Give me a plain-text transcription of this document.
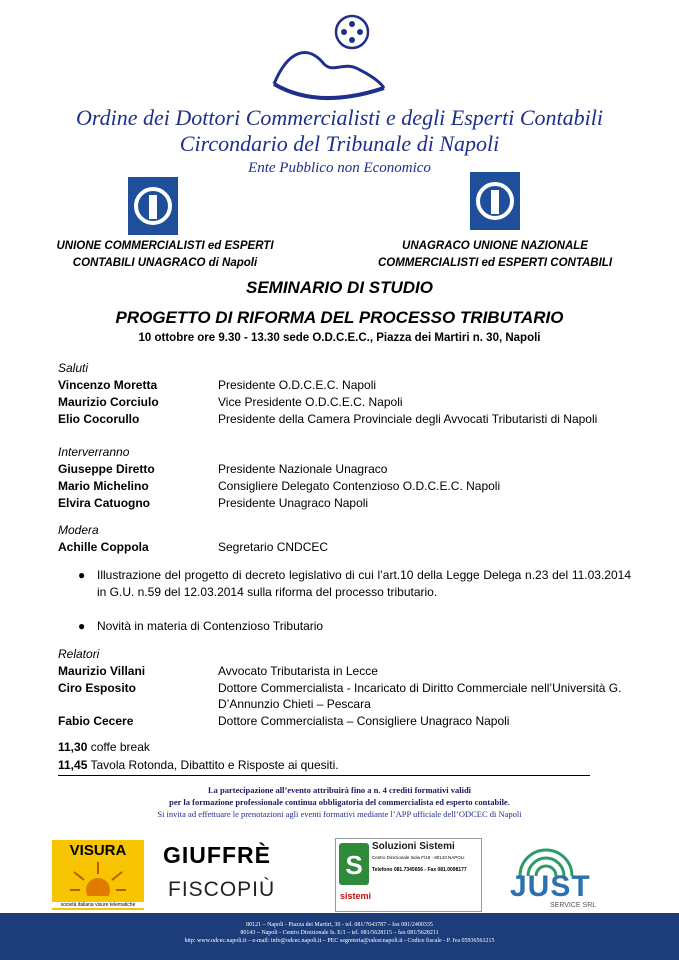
Ordine dei Dottori Commercialisti e degli Esperti Contabili
Circondario del Tribunale di Napoli
Ente Pubblico non Economico
UNIONE COMMERCIALISTI ed ESPERTI
CONTABILI UNAGRACO di Napoli
UNAGRACO UNIONE NAZIONALE
COMMERCIALISTI ed ESPERTI CONTABILI
SEMINARIO DI STUDIO
PROGETTO DI RIFORMA DEL PROCESSO TRIBUTARIO
10 ottobre ore 9.30 - 13.30 sede O.D.C.E.C., Piazza dei Martiri n. 30, Napoli
Saluti
Vincenzo Moretta	Presidente O.D.C.E.C. Napoli
Maurizio Corciulo	Vice Presidente O.D.C.E.C. Napoli
Elio Cocorullo	Presidente della Camera Provinciale degli Avvocati Tributaristi di Napoli
Interverranno
Giuseppe Diretto	Presidente Nazionale Unagraco
Mario Michelino	Consigliere Delegato Contenzioso O.D.C.E.C. Napoli
Elvira Catuogno	Presidente Unagraco Napoli
Modera
Achille Coppola	Segretario CNDCEC
● Illustrazione del progetto di decreto legislativo di cui l’art.10 della Legge Delega n.23 del 11.03.2014 in G.U. n.59 del 12.03.2014 sulla riforma del processo tributario.
● Novità in materia di Contenzioso Tributario
Relatori
Maurizio Villani	Avvocato Tributarista in Lecce
Ciro Esposito	Dottore Commercialista - Incaricato di Diritto Commerciale nell’Università G.
D’Annunzio Chieti – Pescara
Fabio Cecere	Dottore Commercialista – Consigliere Unagraco Napoli
11,30 coffe break
11,45 Tavola Rotonda, Dibattito e Risposte ai quesiti.
La partecipazione all’evento attribuirà fino a n. 4 crediti formativi validi
per la formazione professionale continua obbligatoria del commercialista ed esperto contabile.
Si invita ad effettuare le prenotazioni agli eventi formativi mediante l’APP ufficiale dell’ODCEC di Napoli
VISURA
società italiana visure telematiche
GIUFFRÈ
FISCOPIÙ
S
Soluzioni Sistemi
Centro Direzionale Isola F/19 - 80143 NAPOLI
Telefono 081.7345656 - Fax 081.0098177
sistemi	JUST
SERVICE SRL
80121 – Napoli - Piazza dei Martiri, 30 - tel. 081/7643787 – fax 081/2400335
80143 – Napoli - Centro Direzionale Is. E/1 – tel. 081/5628115 – fax 081/5628211
http: www.odcec.napoli.it – e-mail: info@odcec.napoli.it – PEC segreteria@odcecnapoli.it - Codice fiscale - P. Iva 05936561215
